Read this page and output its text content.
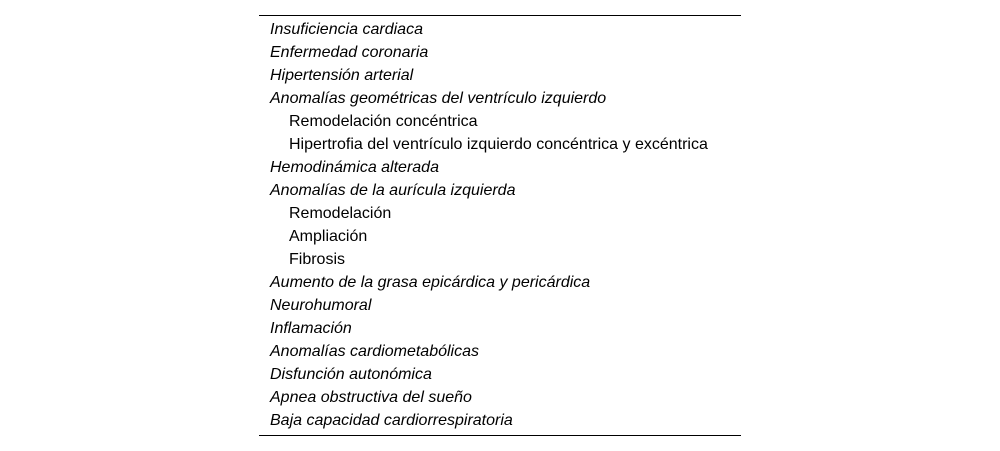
Insuficiencia cardiaca
Enfermedad coronaria
Hipertensión arterial
Anomalías geométricas del ventrículo izquierdo
Remodelación concéntrica
Hipertrofia del ventrículo izquierdo concéntrica y excéntrica
Hemodinámica alterada
Anomalías de la aurícula izquierda
Remodelación
Ampliación
Fibrosis
Aumento de la grasa epicárdica y pericárdica
Neurohumoral
Inflamación
Anomalías cardiometabólicas
Disfunción autonómica
Apnea obstructiva del sueño
Baja capacidad cardiorrespiratoria
